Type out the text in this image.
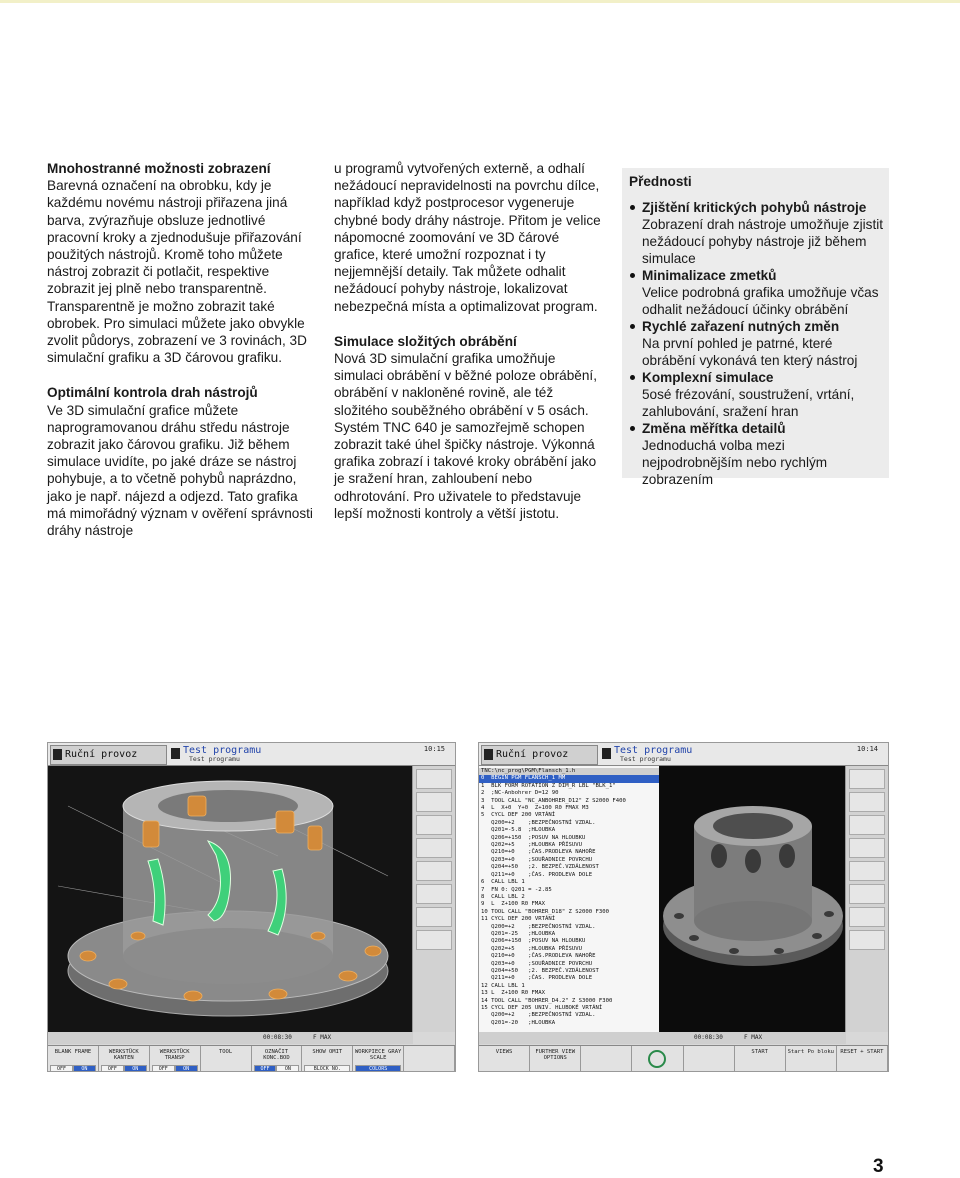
Mnohostranné možnosti zobrazení
Barevná označení na obrobku, kdy je každému novému nástroji přiřazena jiná barva, zvýrazňuje obsluze jednotlivé pracovní kroky a zjednodušuje přiřazování použitých nástrojů. Kromě toho můžete nástroj zobrazit či potlačit, respektive zobrazit jej plně nebo transparentně. Transparentně je možno zobrazit také obrobek. Pro simulaci můžete jako obvykle zvolit půdorys, zobrazení ve 3 rovinách, 3D simulační grafiku a 3D čárovou grafiku.

Optimální kontrola drah nástrojů
Ve 3D simulační grafice můžete naprogramovanou dráhu středu nástroje zobrazit jako čárovou grafiku. Již během simulace uvidíte, po jaké dráze se nástroj pohybuje, a to včetně pohybů naprázdno, jako je např. nájezd a odjezd. Tato grafika má mimořádný význam v ověření správnosti dráhy nástroje

u programů vytvořených externě, a odhalí nežádoucí nepravidelnosti na povrchu dílce, například když postprocesor vygeneruje chybné body dráhy nástroje. Přitom je velice nápomocné zoomování ve 3D čárové grafice, které umožní rozpoznat i ty nejjemnější detaily. Tak můžete odhalit nežádoucí pohyby nástroje, lokalizovat nebezpečná místa a optimalizovat program.

Simulace složitých obrábění
Nová 3D simulační grafika umožňuje simulaci obrábění v běžné poloze obrábění, obrábění v nakloněné rovině, ale též složitého souběžného obrábění v 5 osách. Systém TNC 640 je samozřejmě schopen zobrazit také úhel špičky nástroje. Výkonná grafika zobrazí i takové kroky obrábění jako je sražení hran, zahloubení nebo odhrotování. Pro uživatele to představuje lepší možnosti kontroly a větší jistotu.

Přednosti
Zjištění kritických pohybů nástroje
Zobrazení drah nástroje umožňuje zjistit nežádoucí pohyby nástroje již během simulace
Minimalizace zmetků
Velice podrobná grafika umožňuje včas odhalit nežádoucí účinky obrábění
Rychlé zařazení nutných změn
Na první pohled je patrné, které obrábění vykonává ten který nástroj
Komplexní simulace
5osé frézování, soustružení, vrtání, zahlubování, sražení hran
Změna měřítka detailů
Jednoduchá volba mezi nejpodrobnějším nebo rychlým zobrazením
Ruční provoz	Test programu
Test programu
10:15
00:08:30	F MAX
BLANK FRAME
OFF	ON
WERKSTÜCK KANTEN
OFF	ON
WERKSTÜCK TRANSP
OFF	ON
TOOL	OZNAČIT KONC.BOD
OFF	ON
SHOW OMIT
BLOCK NO.
WORKPIECE GRAY SCALE
COLORS
Ruční provoz	Test programu
Test programu
10:14
TNC:\nc_prog\PGM\Flansch_1.h
0  BEGIN PGM FLANSCH_1 MM
1  BLK FORM ROTATION Z DIM_R LBL "BLK_1"
2  ;NC-Anbohrer D=12 90
3  TOOL CALL "NC_ANBOHRER_D12" Z S2000 F400
4  L  X+0  Y+0  Z+100 R0 FMAX M3
5  CYCL DEF 200 VRTÁNÍ
Q200=+2    ;BEZPEČNOSTNÍ VZDAL.
Q201=-5.8  ;HLOUBKA
Q206=+150  ;POSUV NA HLOUBKU
Q202=+5    ;HLOUBKA PŘÍSUVU
Q210=+0    ;ČAS.PRODLEVA NAHOŘE
Q203=+0    ;SOUŘADNICE POVRCHU
Q204=+50   ;2. BEZPEČ.VZDÁLENOST
Q211=+0    ;ČAS. PRODLEVA DOLE
6  CALL LBL 1
7  FN 0: Q201 = -2.85
8  CALL LBL 2
9  L  Z+100 R0 FMAX
10 TOOL CALL "BOHRER_D18" Z S2000 F300
11 CYCL DEF 200 VRTÁNÍ
Q200=+2    ;BEZPEČNOSTNÍ VZDAL.
Q201=-25   ;HLOUBKA
Q206=+150  ;POSUV NA HLOUBKU
Q202=+5    ;HLOUBKA PŘÍSUVU
Q210=+0    ;ČAS.PRODLEVA NAHOŘE
Q203=+0    ;SOUŘADNICE POVRCHU
Q204=+50   ;2. BEZPEČ.VZDÁLENOST
Q211=+0    ;ČAS. PRODLEVA DOLE
12 CALL LBL 1
13 L  Z+100 R0 FMAX
14 TOOL CALL "BOHRER_D4.2" Z S3000 F300
15 CYCL DEF 205 UNIV. HLUBOKÉ VRTÁNÍ
Q200=+2    ;BEZPEČNOSTNÍ VZDAL.
Q201=-20   ;HLOUBKA
00:08:30	F MAX
VIEWS	FURTHER VIEW OPTIONS
START	Start Po bloku	RESET + START
3
